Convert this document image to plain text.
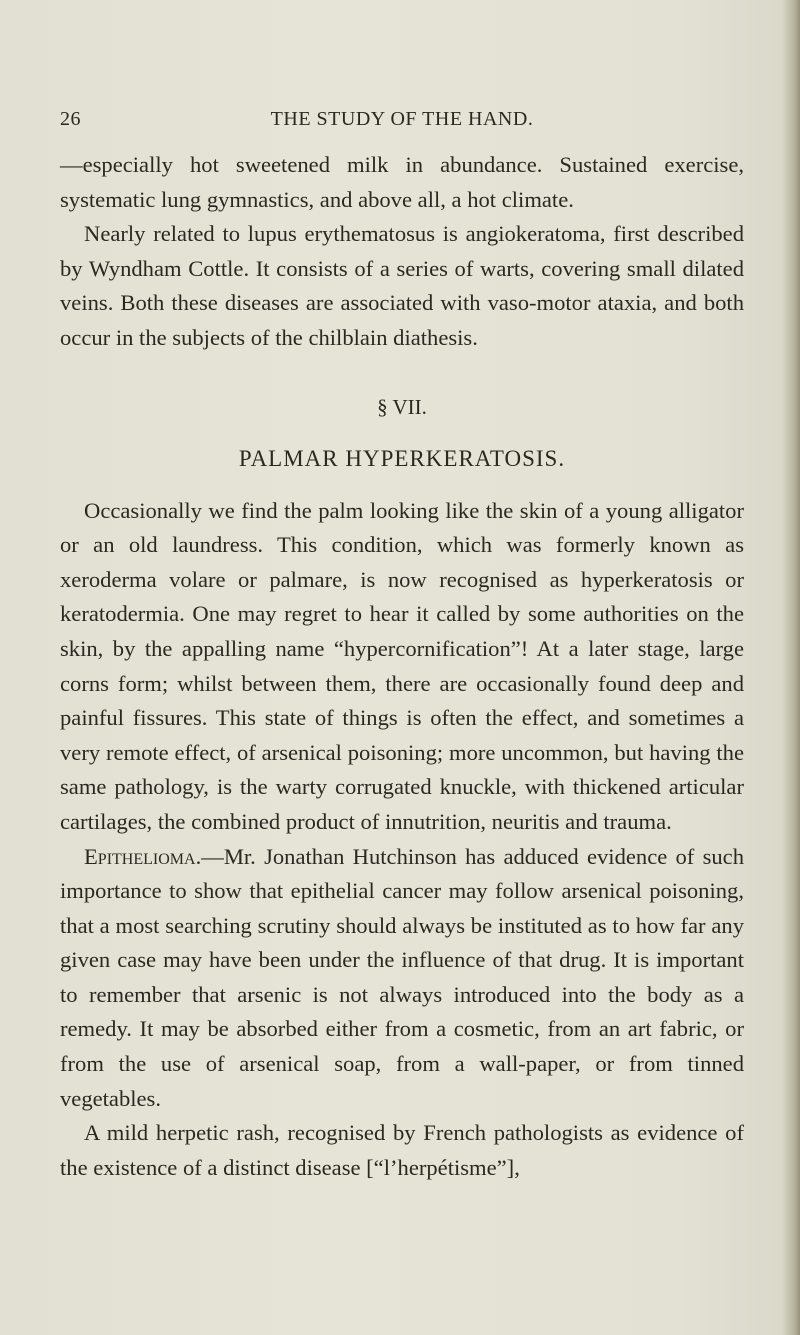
26	THE STUDY OF THE HAND.

—especially hot sweetened milk in abundance. Sustained exercise, systematic lung gymnastics, and above all, a hot climate.

Nearly related to lupus erythematosus is angiokeratoma, first described by Wyndham Cottle. It consists of a series of warts, covering small dilated veins. Both these diseases are associated with vaso-motor ataxia, and both occur in the subjects of the chilblain diathesis.

§ VII.
PALMAR HYPERKERATOSIS.

Occasionally we find the palm looking like the skin of a young alligator or an old laundress. This condition, which was formerly known as xeroderma volare or palmare, is now recognised as hyperkeratosis or keratodermia. One may regret to hear it called by some authorities on the skin, by the appalling name “hypercornification”! At a later stage, large corns form; whilst between them, there are occasionally found deep and painful fissures. This state of things is often the effect, and sometimes a very remote effect, of arsenical poisoning; more uncommon, but having the same pathology, is the warty corrugated knuckle, with thickened articular cartilages, the combined product of innutrition, neuritis and trauma.

Epithelioma.—Mr. Jonathan Hutchinson has adduced evidence of such importance to show that epithelial cancer may follow arsenical poisoning, that a most searching scrutiny should always be instituted as to how far any given case may have been under the influence of that drug. It is important to remember that arsenic is not always introduced into the body as a remedy. It may be absorbed either from a cosmetic, from an art fabric, or from the use of arsenical soap, from a wall-paper, or from tinned vegetables.

A mild herpetic rash, recognised by French pathologists as evidence of the existence of a distinct disease [“l’herpétisme”],
